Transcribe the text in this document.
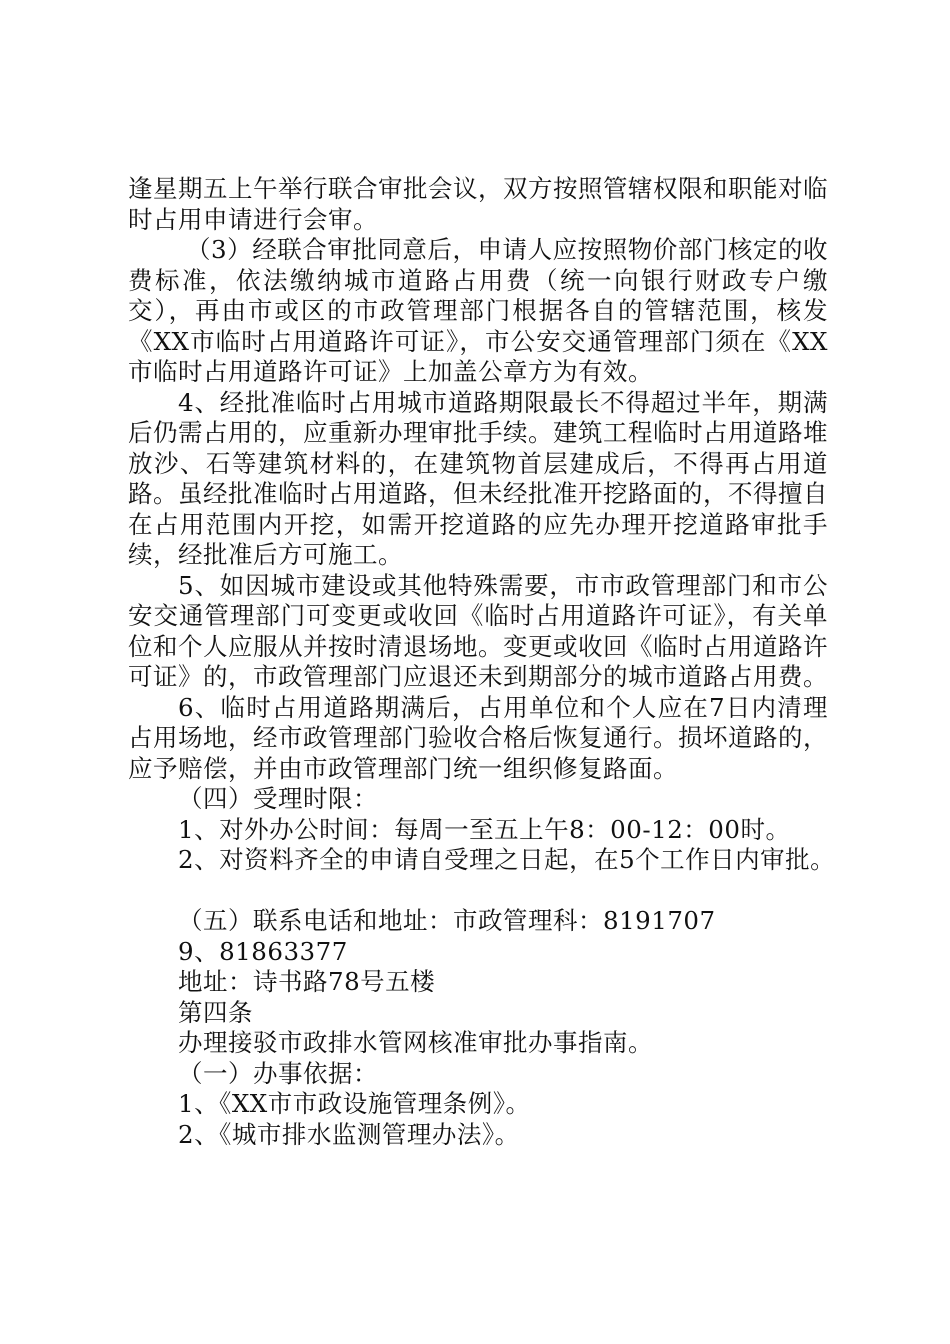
逢星期五上午举行联合审批会议，双方按照管辖权限和职能对临时占用申请进行会审。

（3）经联合审批同意后，申请人应按照物价部门核定的收费标准，依法缴纳城市道路占用费（统一向银行财政专户缴交），再由市或区的市政管理部门根据各自的管辖范围，核发《XX市临时占用道路许可证》，市公安交通管理部门须在《XX市临时占用道路许可证》上加盖公章方为有效。

4、经批准临时占用城市道路期限最长不得超过半年，期满后仍需占用的，应重新办理审批手续。建筑工程临时占用道路堆放沙、石等建筑材料的，在建筑物首层建成后，不得再占用道路。虽经批准临时占用道路，但未经批准开挖路面的，不得擅自在占用范围内开挖，如需开挖道路的应先办理开挖道路审批手续，经批准后方可施工。

5、如因城市建设或其他特殊需要，市市政管理部门和市公安交通管理部门可变更或收回《临时占用道路许可证》，有关单位和个人应服从并按时清退场地。变更或收回《临时占用道路许可证》的，市政管理部门应退还未到期部分的城市道路占用费。

6、临时占用道路期满后，占用单位和个人应在7日内清理占用场地，经市政管理部门验收合格后恢复通行。损坏道路的，应予赔偿，并由市政管理部门统一组织修复路面。

（四）受理时限：

1、对外办公时间：每周一至五上午8：00-12：00时。

2、对资料齐全的申请自受理之日起，在5个工作日内审批。

（五）联系电话和地址：市政管理科：8191707

9、81863377

地址：诗书路78号五楼

第四条

办理接驳市政排水管网核准审批办事指南。

（一）办事依据：

1、《XX市市政设施管理条例》。

2、《城市排水监测管理办法》。
